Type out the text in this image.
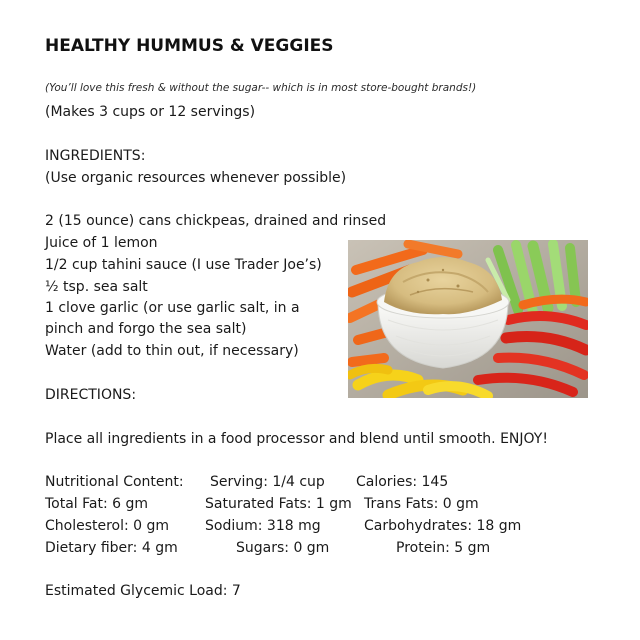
HEALTHY HUMMUS & VEGGIES
(You’ll love this fresh & without the sugar-- which is in most store-bought brands!)
(Makes 3 cups or 12 servings)
INGREDIENTS:
(Use organic resources whenever possible)
2 (15 ounce) cans chickpeas, drained and rinsed
Juice of 1 lemon
1/2 cup tahini sauce (I use Trader Joe’s)
½ tsp. sea salt
1 clove garlic (or use garlic salt, in a
pinch and forgo the sea salt)
Water (add to thin out, if necessary)
DIRECTIONS:
Place all ingredients in a food processor and blend until smooth. ENJOY!
Nutritional Content: Serving: 1/4 cup Calories: 145
Total Fat: 6 gm	Saturated Fats: 1 gm Trans Fats: 0 gm
Cholesterol: 0 gm	Sodium: 318 mg	Carbohydrates: 18 gm
Dietary fiber: 4 gm	Sugars: 0 gm	Protein: 5 gm
Estimated Glycemic Load: 7
